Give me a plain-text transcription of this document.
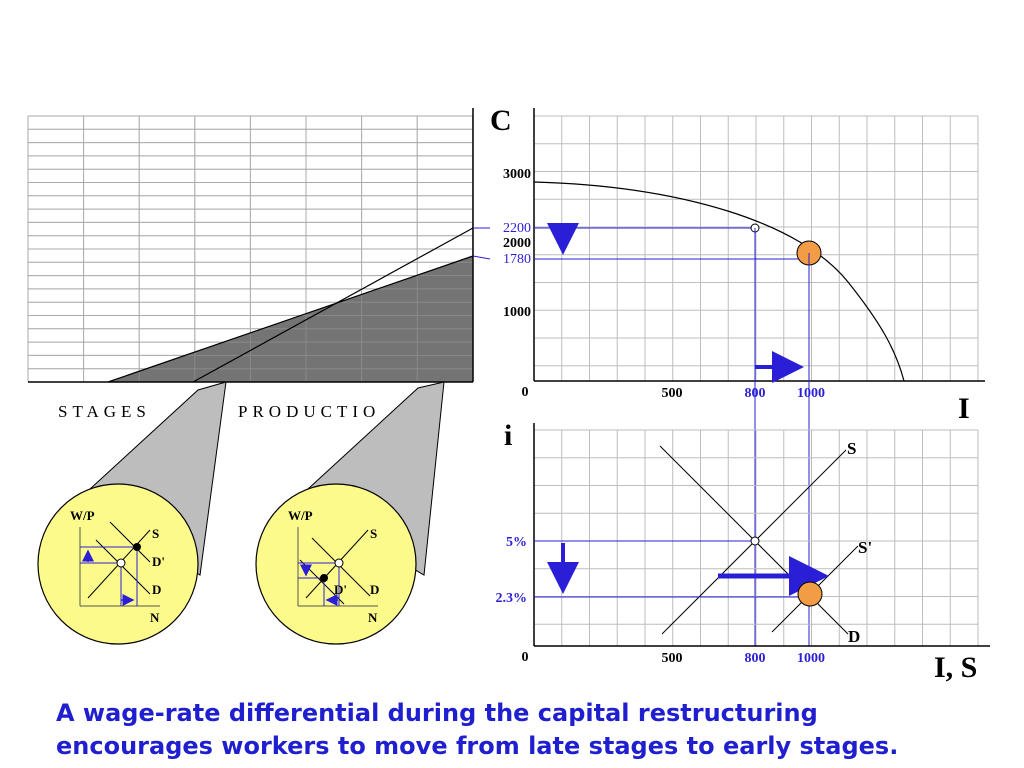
STAGES	PRODUCTIO
W/P
S
D'
D
N
W/P
S
D' D
N
C
I
3000
2200
2000
1780
1000
0	500	800 1000
i
I, S
5%
2.3%
0	500	800 1000
S
S'
D

A wage-rate differential during the capital restructuring
encourages workers to move from late stages to early stages.
